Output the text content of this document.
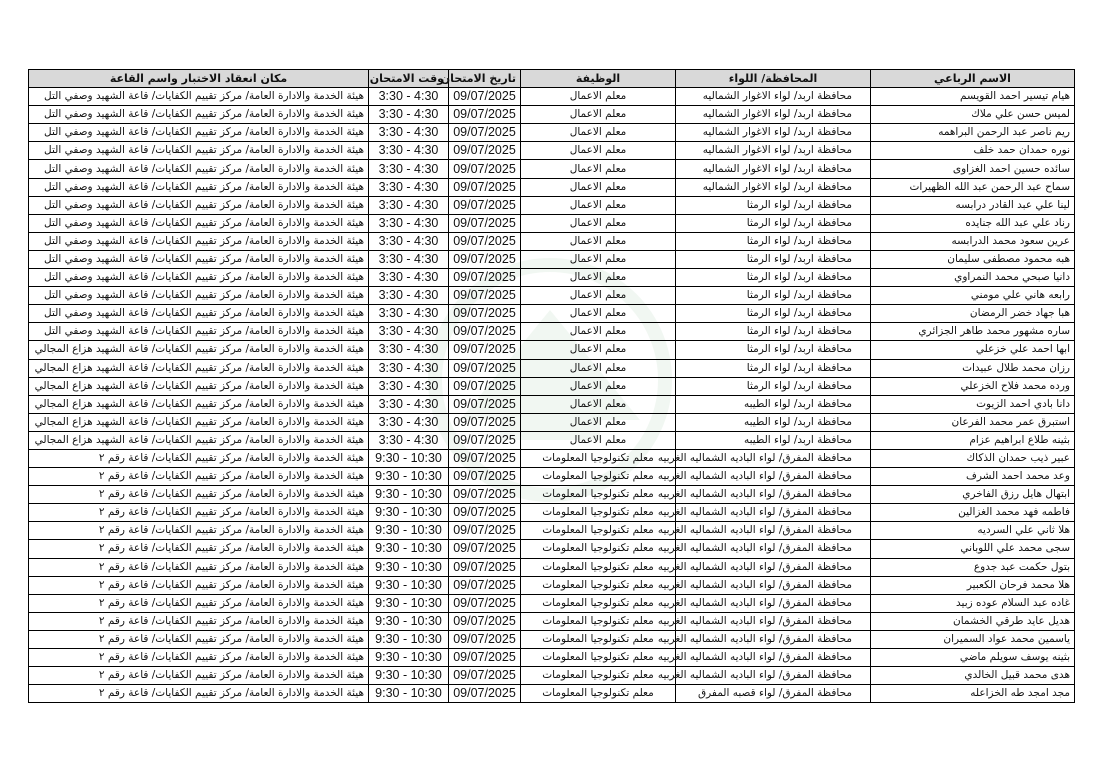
الاسم الرباعي	المحافظة/ اللواء	الوظيفة	تاريخ الامتحان	وقت الامتحان	مكان انعقاد الاختبار واسم القاعة
هيام تيسير احمد القويسم	محافظة اربد/ لواء الاغوار الشماليه	معلم الاعمال	09/07/2025	3:30 - 4:30	هيئة الخدمة والادارة العامة/ مركز تقييم الكفايات/ قاعة الشهيد وصفي التل
لميس حسن علي ملاك	محافظة اربد/ لواء الاغوار الشماليه	معلم الاعمال	09/07/2025	3:30 - 4:30	هيئة الخدمة والادارة العامة/ مركز تقييم الكفايات/ قاعة الشهيد وصفي التل
ريم ناصر عبد الرحمن البراهمه	محافظة اربد/ لواء الاغوار الشماليه	معلم الاعمال	09/07/2025	3:30 - 4:30	هيئة الخدمة والادارة العامة/ مركز تقييم الكفايات/ قاعة الشهيد وصفي التل
نوره حمدان حمد خلف	محافظة اربد/ لواء الاغوار الشماليه	معلم الاعمال	09/07/2025	3:30 - 4:30	هيئة الخدمة والادارة العامة/ مركز تقييم الكفايات/ قاعة الشهيد وصفي التل
سائده حسين احمد الغزاوى	محافظة اربد/ لواء الاغوار الشماليه	معلم الاعمال	09/07/2025	3:30 - 4:30	هيئة الخدمة والادارة العامة/ مركز تقييم الكفايات/ قاعة الشهيد وصفي التل
سماح عبد الرحمن عبد الله الظهيرات	محافظة اربد/ لواء الاغوار الشماليه	معلم الاعمال	09/07/2025	3:30 - 4:30	هيئة الخدمة والادارة العامة/ مركز تقييم الكفايات/ قاعة الشهيد وصفي التل
لينا علي عبد القادر درابسه	محافظة اربد/ لواء الرمثا	معلم الاعمال	09/07/2025	3:30 - 4:30	هيئة الخدمة والادارة العامة/ مركز تقييم الكفايات/ قاعة الشهيد وصفي التل
رناد علي عبد الله جنايده	محافظة اربد/ لواء الرمثا	معلم الاعمال	09/07/2025	3:30 - 4:30	هيئة الخدمة والادارة العامة/ مركز تقييم الكفايات/ قاعة الشهيد وصفي التل
عرين سعود محمد الدرابسه	محافظة اربد/ لواء الرمثا	معلم الاعمال	09/07/2025	3:30 - 4:30	هيئة الخدمة والادارة العامة/ مركز تقييم الكفايات/ قاعة الشهيد وصفي التل
هبه محمود مصطفى سليمان	محافظة اربد/ لواء الرمثا	معلم الاعمال	09/07/2025	3:30 - 4:30	هيئة الخدمة والادارة العامة/ مركز تقييم الكفايات/ قاعة الشهيد وصفي التل
دانيا صبحي محمد النمراوي	محافظة اربد/ لواء الرمثا	معلم الاعمال	09/07/2025	3:30 - 4:30	هيئة الخدمة والادارة العامة/ مركز تقييم الكفايات/ قاعة الشهيد وصفي التل
رابعه هاني علي مومني	محافظة اربد/ لواء الرمثا	معلم الاعمال	09/07/2025	3:30 - 4:30	هيئة الخدمة والادارة العامة/ مركز تقييم الكفايات/ قاعة الشهيد وصفي التل
هبا جهاد خضر الرمضان	محافظة اربد/ لواء الرمثا	معلم الاعمال	09/07/2025	3:30 - 4:30	هيئة الخدمة والادارة العامة/ مركز تقييم الكفايات/ قاعة الشهيد وصفي التل
ساره مشهور محمد طاهر الجزائري	محافظة اربد/ لواء الرمثا	معلم الاعمال	09/07/2025	3:30 - 4:30	هيئة الخدمة والادارة العامة/ مركز تقييم الكفايات/ قاعة الشهيد وصفي التل
ابها احمد علي خزعلي	محافظة اربد/ لواء الرمثا	معلم الاعمال	09/07/2025	3:30 - 4:30	هيئة الخدمة والادارة العامة/ مركز تقييم الكفايات/ قاعة الشهيد هزاع المجالي
رزان محمد طلال عبيدات	محافظة اربد/ لواء الرمثا	معلم الاعمال	09/07/2025	3:30 - 4:30	هيئة الخدمة والادارة العامة/ مركز تقييم الكفايات/ قاعة الشهيد هزاع المجالي
ورده محمد فلاح الخزعلي	محافظة اربد/ لواء الرمثا	معلم الاعمال	09/07/2025	3:30 - 4:30	هيئة الخدمة والادارة العامة/ مركز تقييم الكفايات/ قاعة الشهيد هزاع المجالي
دانا بادي احمد الزيوت	محافظة اربد/ لواء الطيبه	معلم الاعمال	09/07/2025	3:30 - 4:30	هيئة الخدمة والادارة العامة/ مركز تقييم الكفايات/ قاعة الشهيد هزاع المجالي
استبرق عمر محمد الفرعان	محافظة اربد/ لواء الطيبه	معلم الاعمال	09/07/2025	3:30 - 4:30	هيئة الخدمة والادارة العامة/ مركز تقييم الكفايات/ قاعة الشهيد هزاع المجالي
بثينه طلاع ابراهيم عزام	محافظة اربد/ لواء الطيبه	معلم الاعمال	09/07/2025	3:30 - 4:30	هيئة الخدمة والادارة العامة/ مركز تقييم الكفايات/ قاعة الشهيد هزاع المجالي
عبير ذيب حمدان الذكاك	محافظة المفرق/ لواء الباديه الشماليه الغربيه	معلم تكنولوجيا المعلومات	09/07/2025	9:30 - 10:30	هيئة الخدمة والادارة العامة/ مركز تقييم الكفايات/ قاعة رقم ٢
وعد محمد احمد الشرف	محافظة المفرق/ لواء الباديه الشماليه الغربيه	معلم تكنولوجيا المعلومات	09/07/2025	9:30 - 10:30	هيئة الخدمة والادارة العامة/ مركز تقييم الكفايات/ قاعة رقم ٢
ابتهال هايل رزق الفاخري	محافظة المفرق/ لواء الباديه الشماليه الغربيه	معلم تكنولوجيا المعلومات	09/07/2025	9:30 - 10:30	هيئة الخدمة والادارة العامة/ مركز تقييم الكفايات/ قاعة رقم ٢
فاطمه فهد محمد الغزالين	محافظة المفرق/ لواء الباديه الشماليه الغربيه	معلم تكنولوجيا المعلومات	09/07/2025	9:30 - 10:30	هيئة الخدمة والادارة العامة/ مركز تقييم الكفايات/ قاعة رقم ٢
هلا ثاني علي السرديه	محافظة المفرق/ لواء الباديه الشماليه الغربيه	معلم تكنولوجيا المعلومات	09/07/2025	9:30 - 10:30	هيئة الخدمة والادارة العامة/ مركز تقييم الكفايات/ قاعة رقم ٢
سجى محمد علي اللوباني	محافظة المفرق/ لواء الباديه الشماليه الغربيه	معلم تكنولوجيا المعلومات	09/07/2025	9:30 - 10:30	هيئة الخدمة والادارة العامة/ مركز تقييم الكفايات/ قاعة رقم ٢
بتول حكمت عبد جدوع	محافظة المفرق/ لواء الباديه الشماليه الغربيه	معلم تكنولوجيا المعلومات	09/07/2025	9:30 - 10:30	هيئة الخدمة والادارة العامة/ مركز تقييم الكفايات/ قاعة رقم ٢
هلا محمد فرحان الكعبير	محافظة المفرق/ لواء الباديه الشماليه الغربيه	معلم تكنولوجيا المعلومات	09/07/2025	9:30 - 10:30	هيئة الخدمة والادارة العامة/ مركز تقييم الكفايات/ قاعة رقم ٢
غاده عبد السلام عوده زبيد	محافظة المفرق/ لواء الباديه الشماليه الغربيه	معلم تكنولوجيا المعلومات	09/07/2025	9:30 - 10:30	هيئة الخدمة والادارة العامة/ مركز تقييم الكفايات/ قاعة رقم ٢
هديل عايد طرقي الخشمان	محافظة المفرق/ لواء الباديه الشماليه الغربيه	معلم تكنولوجيا المعلومات	09/07/2025	9:30 - 10:30	هيئة الخدمة والادارة العامة/ مركز تقييم الكفايات/ قاعة رقم ٢
ياسمين محمد عواد السميران	محافظة المفرق/ لواء الباديه الشماليه الغربيه	معلم تكنولوجيا المعلومات	09/07/2025	9:30 - 10:30	هيئة الخدمة والادارة العامة/ مركز تقييم الكفايات/ قاعة رقم ٢
بثينه يوسف سويلم ماضي	محافظة المفرق/ لواء الباديه الشماليه الغربيه	معلم تكنولوجيا المعلومات	09/07/2025	9:30 - 10:30	هيئة الخدمة والادارة العامة/ مركز تقييم الكفايات/ قاعة رقم ٢
هدى محمد قبيل الخالدي	محافظة المفرق/ لواء الباديه الشماليه الغربيه	معلم تكنولوجيا المعلومات	09/07/2025	9:30 - 10:30	هيئة الخدمة والادارة العامة/ مركز تقييم الكفايات/ قاعة رقم ٢
مجد امجد طه الخزاعله	محافظة المفرق/ لواء قصبه المفرق	معلم تكنولوجيا المعلومات	09/07/2025	9:30 - 10:30	هيئة الخدمة والادارة العامة/ مركز تقييم الكفايات/ قاعة رقم ٢
